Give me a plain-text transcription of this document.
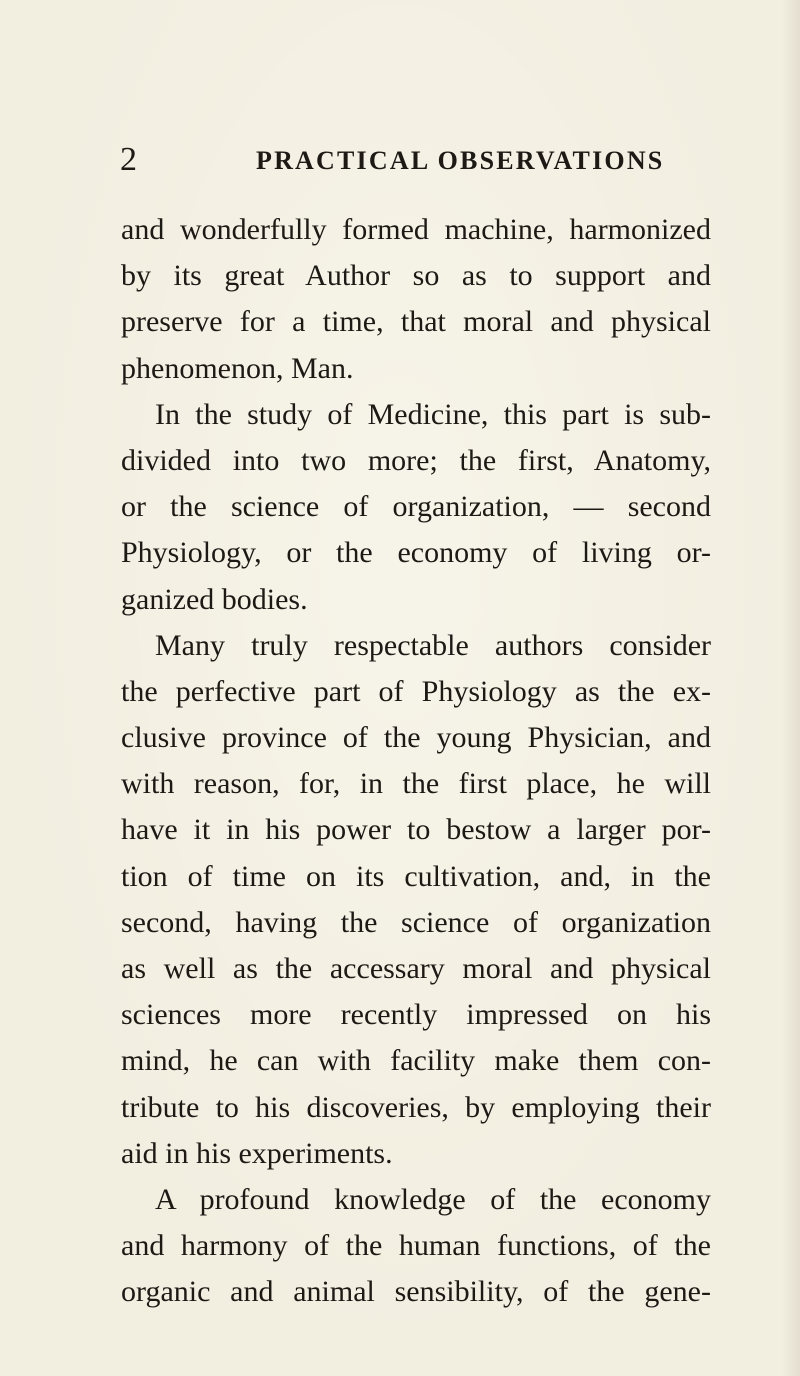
2	PRACTICAL OBSERVATIONS
and wonderfully formed machine, harmonized
by its great Author so as to support and
preserve for a time, that moral and physical
phenomenon, Man.
In the study of Medicine, this part is sub-
divided into two more; the first, Anatomy,
or the science of organization, — second
Physiology, or the economy of living or-
ganized bodies.
Many truly respectable authors consider
the perfective part of Physiology as the ex-
clusive province of the young Physician, and
with reason, for, in the first place, he will
have it in his power to bestow a larger por-
tion of time on its cultivation, and, in the
second, having the science of organization
as well as the accessary moral and physical
sciences more recently impressed on his
mind, he can with facility make them con-
tribute to his discoveries, by employing their
aid in his experiments.
A profound knowledge of the economy
and harmony of the human functions, of the
organic and animal sensibility, of the gene-
